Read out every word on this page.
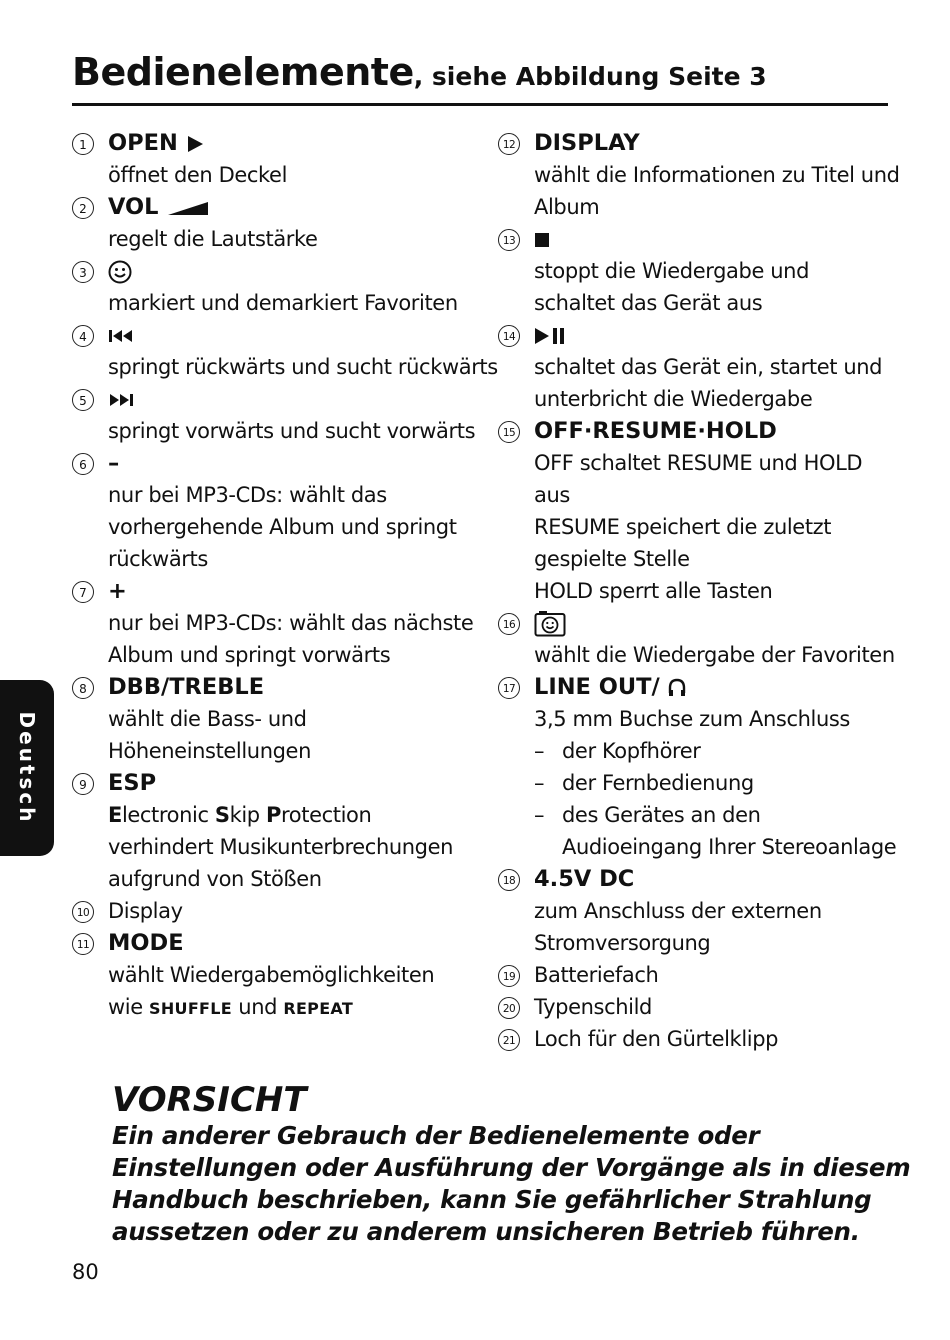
Bedienelemente, siehe Abbildung Seite 3
1 OPEN
öffnet den Deckel
2 VOL
regelt die Lautstärke
3
markiert und demarkiert Favoriten
4
springt rückwärts und sucht rückwärts
5
springt vorwärts und sucht vorwärts
6 –
nur bei MP3-CDs: wählt das
vorhergehende Album und springt
rückwärts
7 +
nur bei MP3-CDs: wählt das nächste
Album und springt vorwärts
8 DBB/TREBLE
wählt die Bass- und
Höheneinstellungen
9 ESP
Electronic Skip Protection
verhindert Musikunterbrechungen
aufgrund von Stößen
10 Display
11 MODE
wählt Wiedergabemöglichkeiten
wie SHUFFLE und REPEAT
12 DISPLAY
wählt die Informationen zu Titel und
Album
13
stoppt die Wiedergabe und
schaltet das Gerät aus
14
schaltet das Gerät ein, startet und
unterbricht die Wiedergabe
15 OFF·RESUME·HOLD
OFF schaltet RESUME und HOLD
aus
RESUME speichert die zuletzt
gespielte Stelle
HOLD sperrt alle Tasten
16
wählt die Wiedergabe der Favoriten
17 LINE OUT/
3,5 mm Buchse zum Anschluss
– der Kopfhörer
– der Fernbedienung
– des Gerätes an den
Audioeingang Ihrer Stereoanlage
18 4.5V DC
zum Anschluss der externen
Stromversorgung
19 Batteriefach
20 Typenschild
21 Loch für den Gürtelklipp
Deutsch
VORSICHT
Ein anderer Gebrauch der Bedienelemente oder
Einstellungen oder Ausführung der Vorgänge als in diesem
Handbuch beschrieben, kann Sie gefährlicher Strahlung
aussetzen oder zu anderem unsicheren Betrieb führen.
80
